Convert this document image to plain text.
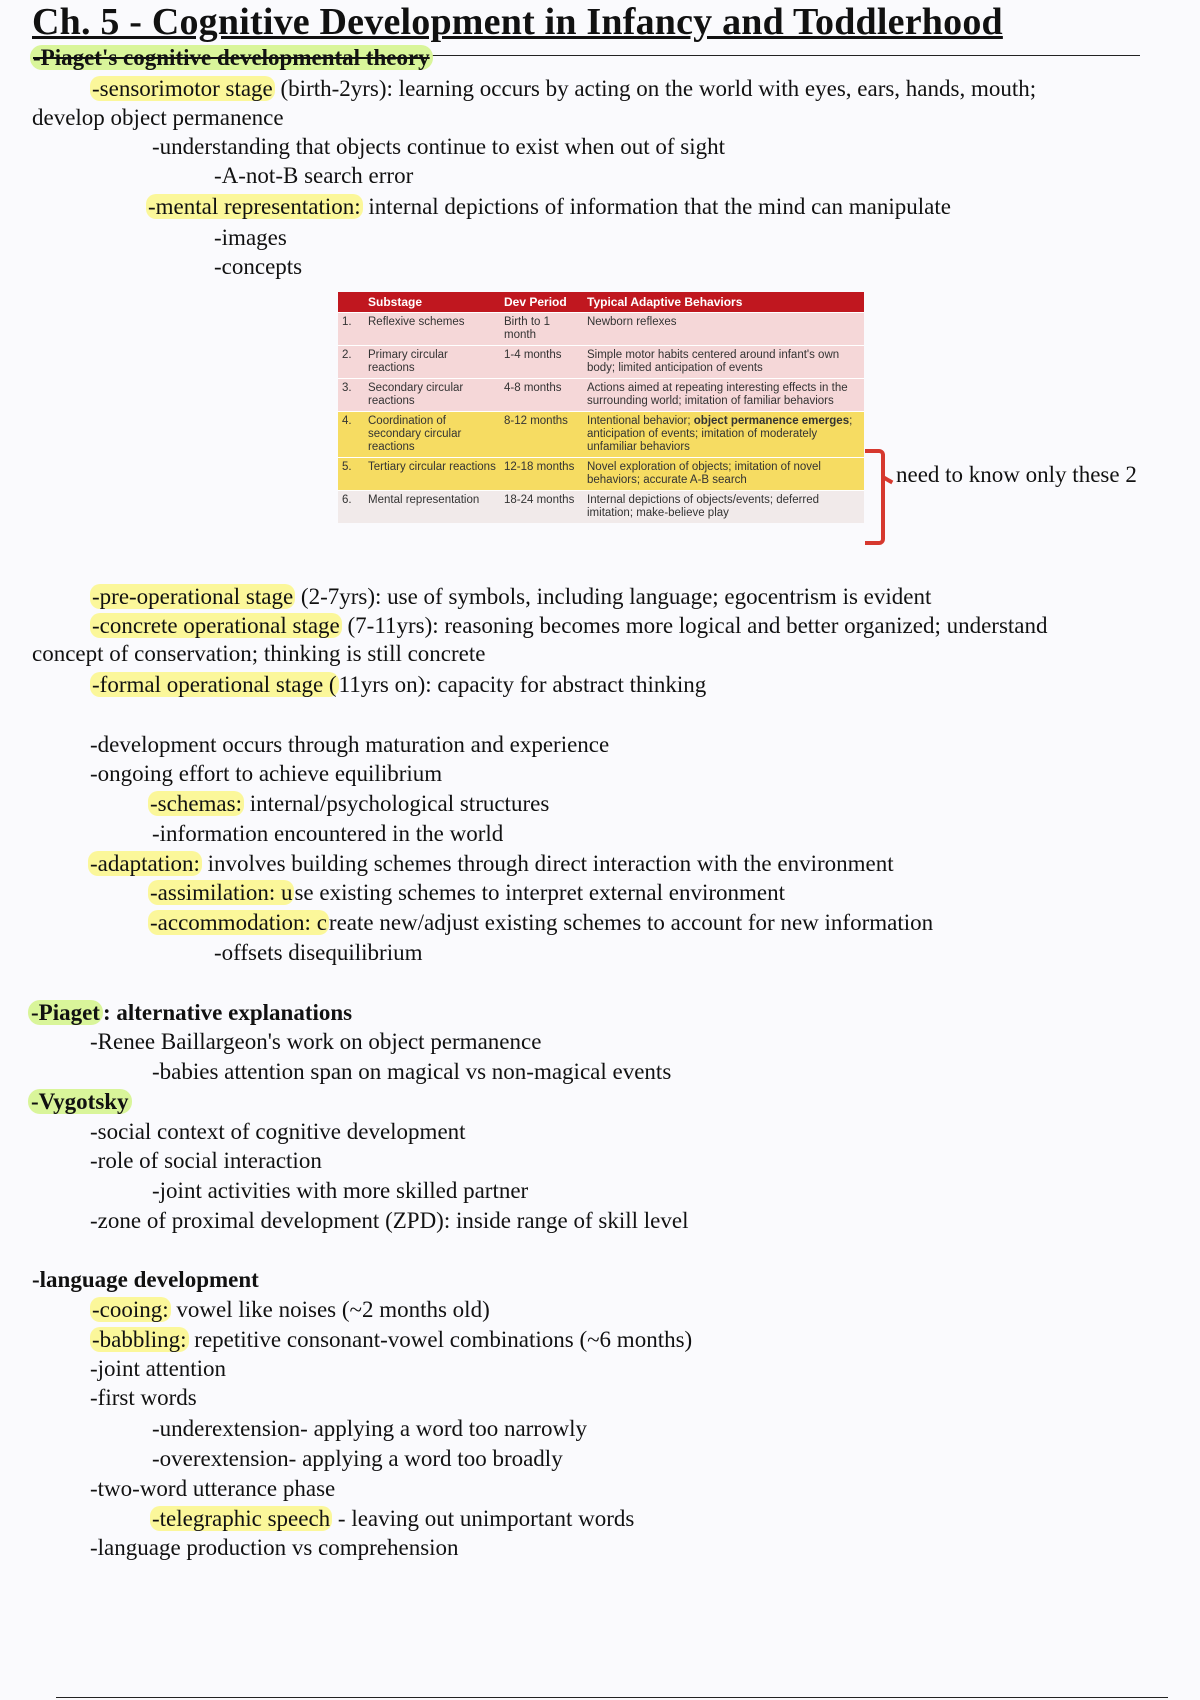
Ch. 5 - Cognitive Development in Infancy and Toddlerhood
-Piaget's cognitive developmental theory
-sensorimotor stage (birth-2yrs): learning occurs by acting on the world with eyes, ears, hands, mouth;
develop object permanence
-understanding that objects continue to exist when out of sight
-A-not-B search error
-mental representation: internal depictions of information that the mind can manipulate
-images
-concepts
	Substage	Dev Period	Typical Adaptive Behaviors
1.	Reflexive schemes	Birth to 1 month	Newborn reflexes
2.	Primary circular reactions	1-4 months	Simple motor habits centered around infant's own body; limited anticipation of events
3.	Secondary circular reactions	4-8 months	Actions aimed at repeating interesting effects in the surrounding world; imitation of familiar behaviors
4.	Coordination of secondary circular reactions	8-12 months	Intentional behavior; object permanence emerges; anticipation of events; imitation of moderately unfamiliar behaviors
5.	Tertiary circular reactions	12-18 months	Novel exploration of objects; imitation of novel behaviors; accurate A-B search
6.	Mental representation	18-24 months	Internal depictions of objects/events; deferred imitation; make-believe play
need to know only these 2
-pre-operational stage (2-7yrs): use of symbols, including language; egocentrism is evident
-concrete operational stage (7-11yrs): reasoning becomes more logical and better organized; understand
concept of conservation; thinking is still concrete
-formal operational stage (11yrs on): capacity for abstract thinking
-development occurs through maturation and experience
-ongoing effort to achieve equilibrium
-schemas: internal/psychological structures
-information encountered in the world
-adaptation: involves building schemes through direct interaction with the environment
-assimilation: use existing schemes to interpret external environment
-accommodation: create new/adjust existing schemes to account for new information
-offsets disequilibrium
-Piaget : alternative explanations
-Renee Baillargeon's work on object permanence
-babies attention span on magical vs non-magical events
-Vygotsky
-social context of cognitive development
-role of social interaction
-joint activities with more skilled partner
-zone of proximal development (ZPD): inside range of skill level
-language development
-cooing: vowel like noises (~2 months old)
-babbling: repetitive consonant-vowel combinations (~6 months)
-joint attention
-first words
-underextension- applying a word too narrowly
-overextension- applying a word too broadly
-two-word utterance phase
-telegraphic speech - leaving out unimportant words
-language production vs comprehension
